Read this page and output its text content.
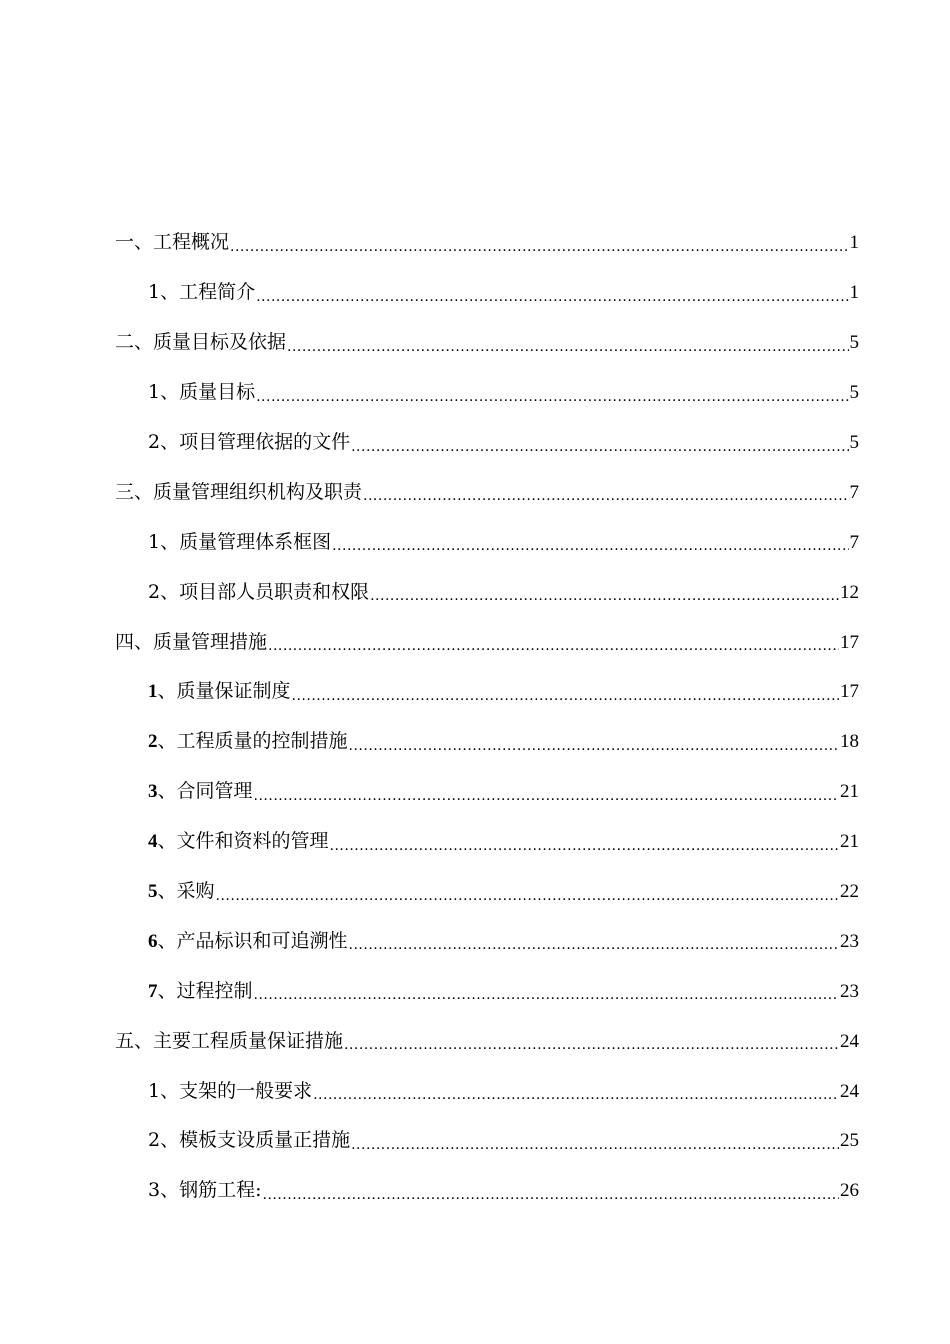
一、工程概况 .....	1
1、工程简介 .....	1
二、质量目标及依据 .....	5
1、质量目标 .....	5
2、项目管理依据的文件 .....	5
三、质量管理组织机构及职责 .....	7
1、质量管理体系框图 .....	7
2、项目部人员职责和权限 .....	12
四、质量管理措施 .....	17
1、质量保证制度 .....	17
2、工程质量的控制措施 .....	18
3、合同管理 .....	21
4、文件和资料的管理 .....	21
5、采购 .....	22
6、产品标识和可追溯性 .....	23
7、过程控制 .....	23
五、主要工程质量保证措施 .....	24
1、支架的一般要求 .....	24
2、模板支设质量正措施 .....	25
3、钢筋工程: .....	26
